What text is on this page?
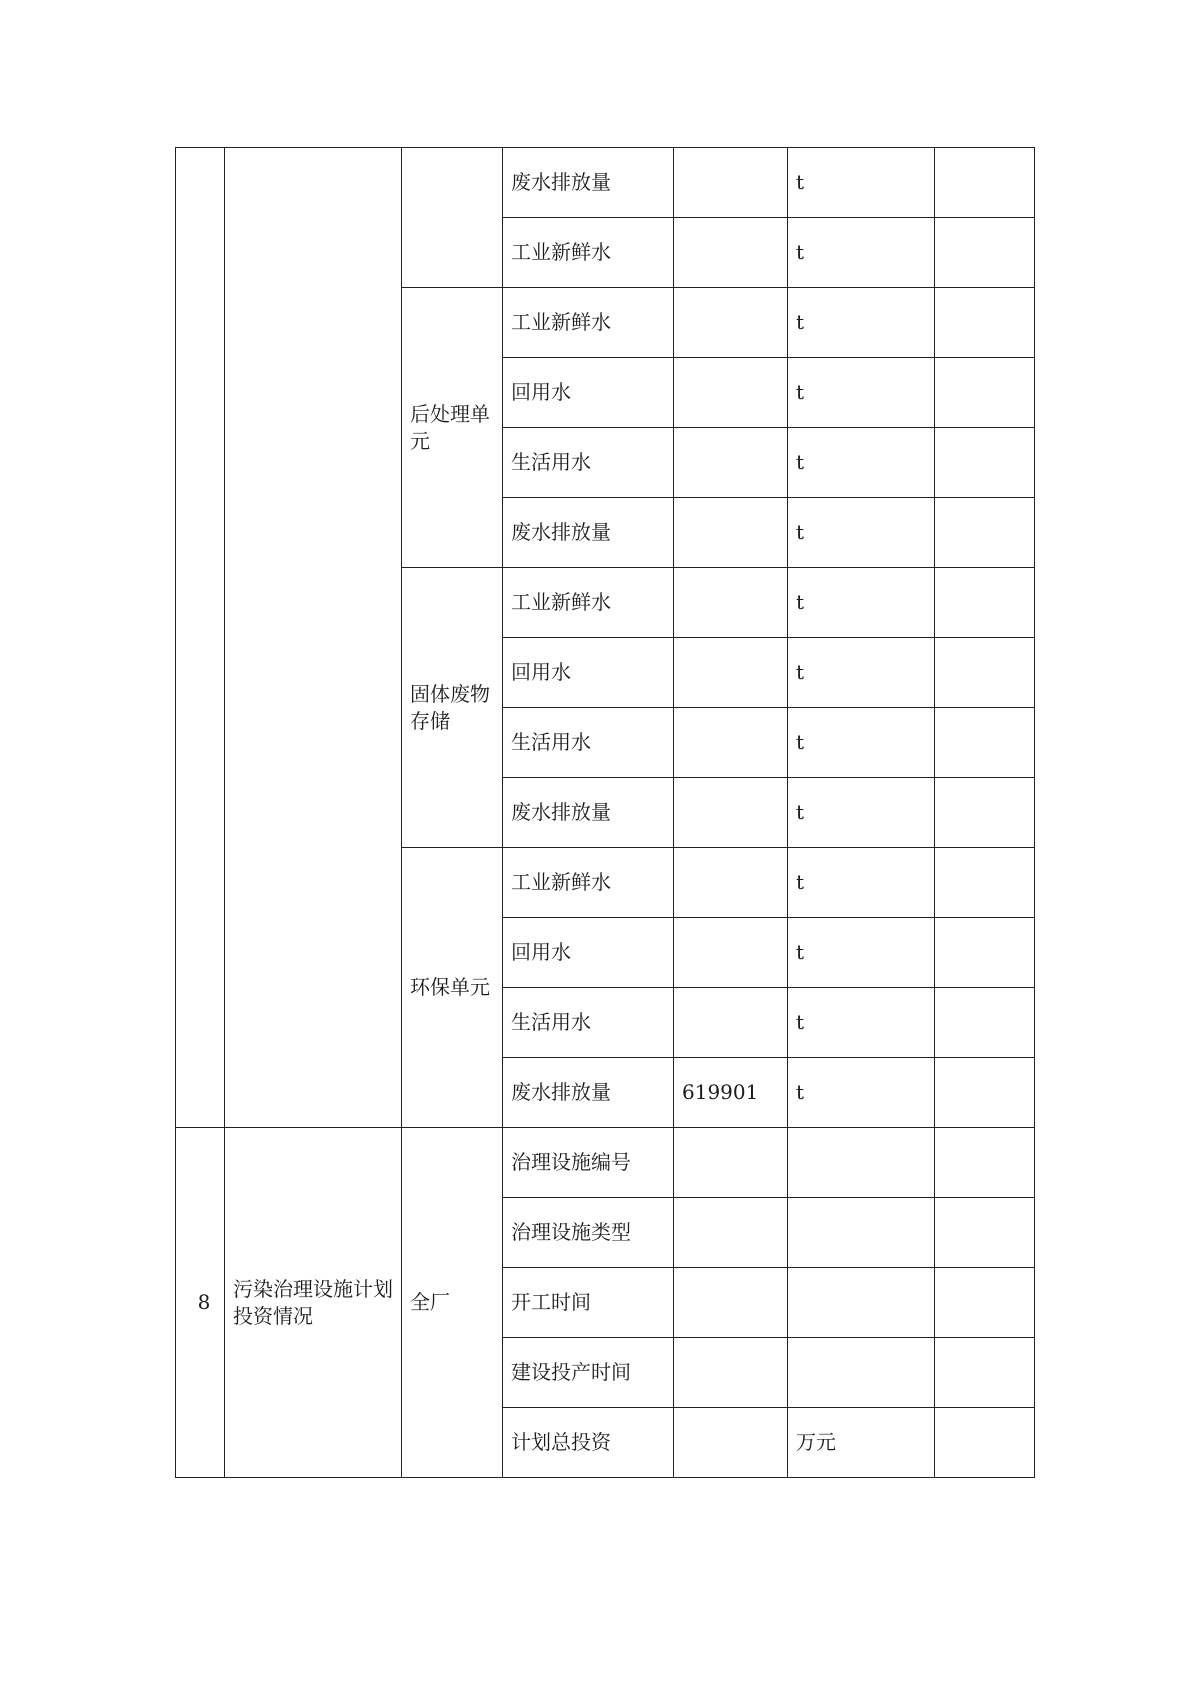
			废水排放量		t	
			工业新鲜水		t	
		后处理单元	工业新鲜水		t	
			回用水		t	
			生活用水		t	
			废水排放量		t	
		固体废物存储	工业新鲜水		t	
			回用水		t	
			生活用水		t	
			废水排放量		t	
		环保单元	工业新鲜水		t	
			回用水		t	
			生活用水		t	
			废水排放量	619901	t	
8	污染治理设施计划投资情况	全厂	治理设施编号			
			治理设施类型			
			开工时间			
			建设投产时间			
			计划总投资		万元	
